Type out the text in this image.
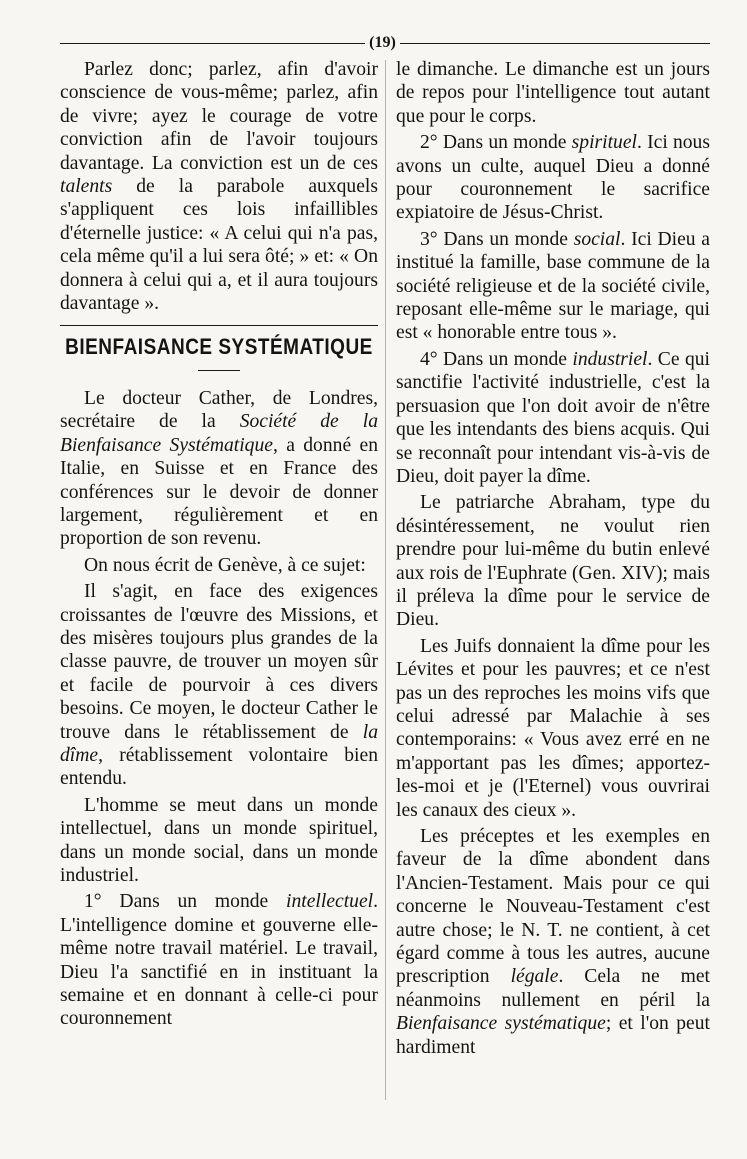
(19)

Parlez donc; parlez, afin d'avoir conscience de vous-même; parlez, afin de vivre; ayez le courage de votre conviction afin de l'avoir toujours davantage. La conviction est un de ces talents de la parabole auxquels s'appliquent ces lois infaillibles d'éternelle justice: « A celui qui n'a pas, cela même qu'il a lui sera ôté; » et: « On donnera à celui qui a, et il aura toujours davantage ».

BIENFAISANCE SYSTÉMATIQUE

Le docteur Cather, de Londres, secrétaire de la Société de la Bienfaisance Systématique, a donné en Italie, en Suisse et en France des conférences sur le devoir de donner largement, régulièrement et en proportion de son revenu.

On nous écrit de Genève, à ce sujet:

Il s'agit, en face des exigences croissantes de l'œuvre des Missions, et des misères toujours plus grandes de la classe pauvre, de trouver un moyen sûr et facile de pourvoir à ces divers besoins. Ce moyen, le docteur Cather le trouve dans le rétablissement de la dîme, rétablissement volontaire bien entendu.

L'homme se meut dans un monde intellectuel, dans un monde spirituel, dans un monde social, dans un monde industriel.

1° Dans un monde intellectuel. L'intelligence domine et gouverne elle-même notre travail matériel. Le travail, Dieu l'a sanctifié en in instituant la semaine et en donnant à celle-ci pour couronnement

le dimanche. Le dimanche est un jours de repos pour l'intelligence tout autant que pour le corps.

2° Dans un monde spirituel. Ici nous avons un culte, auquel Dieu a donné pour couronnement le sacrifice expiatoire de Jésus-Christ.

3° Dans un monde social. Ici Dieu a institué la famille, base commune de la société religieuse et de la société civile, reposant elle-même sur le mariage, qui est « honorable entre tous ».

4° Dans un monde industriel. Ce qui sanctifie l'activité industrielle, c'est la persuasion que l'on doit avoir de n'être que les intendants des biens acquis. Qui se reconnaît pour intendant vis-à-vis de Dieu, doit payer la dîme.

Le patriarche Abraham, type du désintéressement, ne voulut rien prendre pour lui-même du butin enlevé aux rois de l'Euphrate (Gen. XIV); mais il préleva la dîme pour le service de Dieu.

Les Juifs donnaient la dîme pour les Lévites et pour les pauvres; et ce n'est pas un des reproches les moins vifs que celui adressé par Malachie à ses contemporains: « Vous avez erré en ne m'apportant pas les dîmes; apportez-les-moi et je (l'Eternel) vous ouvrirai les canaux des cieux ».

Les préceptes et les exemples en faveur de la dîme abondent dans l'Ancien-Testament. Mais pour ce qui concerne le Nouveau-Testament c'est autre chose; le N. T. ne contient, à cet égard comme à tous les autres, aucune prescription légale. Cela ne met néanmoins nullement en péril la Bienfaisance systématique; et l'on peut hardiment
